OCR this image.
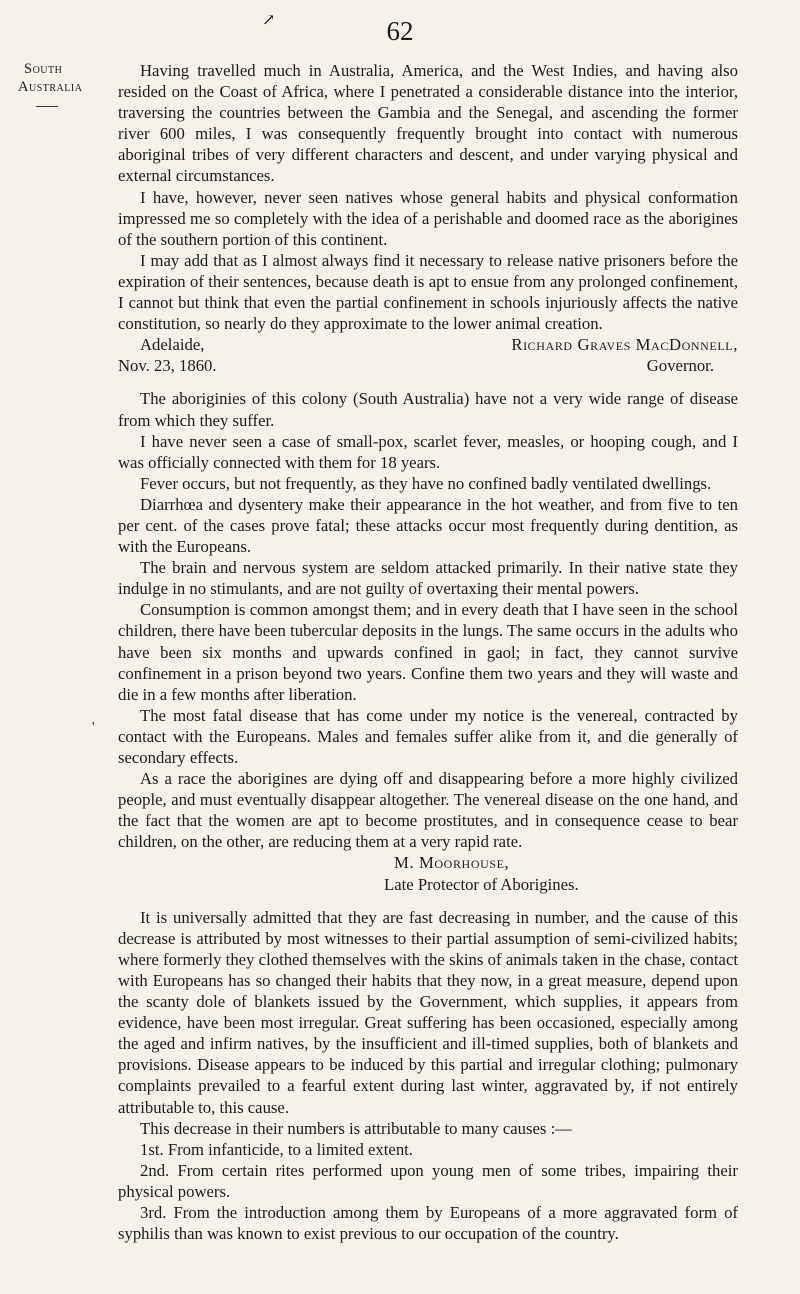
↗	62
South
Australia
'

Having travelled much in Australia, America, and the West Indies, and having also resided on the Coast of Africa, where I penetrated a considerable distance into the interior, traversing the countries between the Gambia and the Senegal, and ascending the former river 600 miles, I was consequently frequently brought into contact with numerous aboriginal tribes of very different characters and descent, and under varying physical and external circumstances.

I have, however, never seen natives whose general habits and physical conformation impressed me so completely with the idea of a perishable and doomed race as the aborigines of the southern portion of this continent.

I may add that as I almost always find it necessary to release native prisoners before the expiration of their sentences, because death is apt to ensue from any prolonged confinement, I cannot but think that even the partial confinement in schools injuriously affects the native constitution, so nearly do they approximate to the lower animal creation.

Adelaide,	Richard Graves MacDonnell,
Nov. 23, 1860.	Governor.

The aboriginies of this colony (South Australia) have not a very wide range of disease from which they suffer.

I have never seen a case of small-pox, scarlet fever, measles, or hooping cough, and I was officially connected with them for 18 years.

Fever occurs, but not frequently, as they have no confined badly ventilated dwellings.

Diarrhœa and dysentery make their appearance in the hot weather, and from five to ten per cent. of the cases prove fatal; these attacks occur most frequently during dentition, as with the Europeans.

The brain and nervous system are seldom attacked primarily. In their native state they indulge in no stimulants, and are not guilty of overtaxing their mental powers.

Consumption is common amongst them; and in every death that I have seen in the school children, there have been tubercular deposits in the lungs. The same occurs in the adults who have been six months and upwards confined in gaol; in fact, they cannot survive confinement in a prison beyond two years. Confine them two years and they will waste and die in a few months after liberation.

The most fatal disease that has come under my notice is the venereal, contracted by contact with the Europeans. Males and females suffer alike from it, and die generally of secondary effects.

As a race the aborigines are dying off and disappearing before a more highly civilized people, and must eventually disappear altogether. The venereal disease on the one hand, and the fact that the women are apt to become prostitutes, and in consequence cease to bear children, on the other, are reducing them at a very rapid rate.

M. Moorhouse,
Late Protector of Aborigines.

It is universally admitted that they are fast decreasing in number, and the cause of this decrease is attributed by most witnesses to their partial assumption of semi-civilized habits; where formerly they clothed themselves with the skins of animals taken in the chase, contact with Europeans has so changed their habits that they now, in a great measure, depend upon the scanty dole of blankets issued by the Government, which supplies, it appears from evidence, have been most irregular. Great suffering has been occasioned, especially among the aged and infirm natives, by the insufficient and ill-timed supplies, both of blankets and provisions. Disease appears to be induced by this partial and irregular clothing; pulmonary complaints prevailed to a fearful extent during last winter, aggravated by, if not entirely attributable to, this cause.

This decrease in their numbers is attributable to many causes :—

1st. From infanticide, to a limited extent.

2nd. From certain rites performed upon young men of some tribes, impairing their physical powers.

3rd. From the introduction among them by Europeans of a more aggravated form of syphilis than was known to exist previous to our occupation of the country.
